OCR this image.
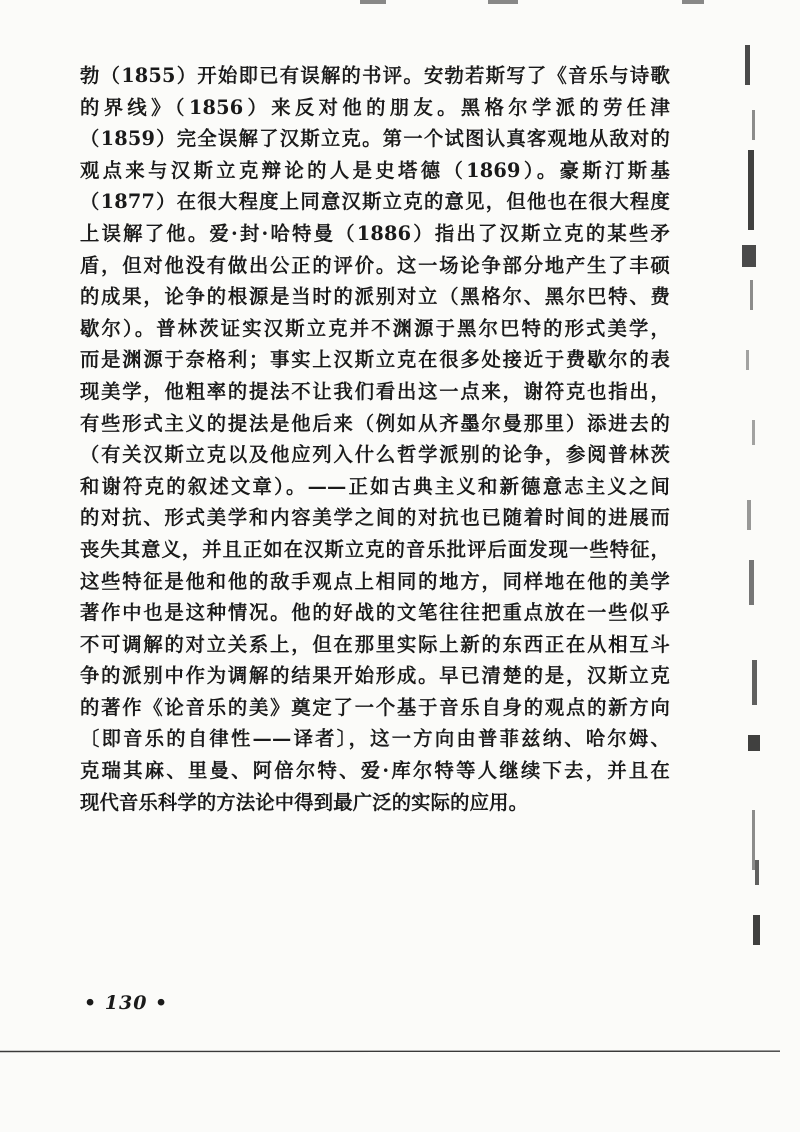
勃（1855）开始即已有误解的书评。安勃若斯写了《音乐与诗歌
的界线》（1856）来反对他的朋友。黑格尔学派的劳任津
（1859）完全误解了汉斯立克。第一个试图认真客观地从敌对的
观点来与汉斯立克辩论的人是史塔德（1869）。豪斯汀斯基
（1877）在很大程度上同意汉斯立克的意见，但他也在很大程度
上误解了他。爱·封·哈特曼（1886）指出了汉斯立克的某些矛
盾，但对他没有做出公正的评价。这一场论争部分地产生了丰硕
的成果，论争的根源是当时的派别对立（黑格尔、黑尔巴特、费
歇尔）。普林茨证实汉斯立克并不渊源于黑尔巴特的形式美学，
而是渊源于奈格利；事实上汉斯立克在很多处接近于费歇尔的表
现美学，他粗率的提法不让我们看出这一点来，谢符克也指出，
有些形式主义的提法是他后来（例如从齐墨尔曼那里）添进去的
（有关汉斯立克以及他应列入什么哲学派别的论争，参阅普林茨
和谢符克的叙述文章）。——正如古典主义和新德意志主义之间
的对抗、形式美学和内容美学之间的对抗也已随着时间的进展而
丧失其意义，并且正如在汉斯立克的音乐批评后面发现一些特征，
这些特征是他和他的敌手观点上相同的地方，同样地在他的美学
著作中也是这种情况。他的好战的文笔往往把重点放在一些似乎
不可调解的对立关系上，但在那里实际上新的东西正在从相互斗
争的派别中作为调解的结果开始形成。早已清楚的是，汉斯立克
的著作《论音乐的美》奠定了一个基于音乐自身的观点的新方向
〔即音乐的自律性——译者〕，这一方向由普菲兹纳、哈尔姆、
克瑞其麻、里曼、阿倍尔特、爱·库尔特等人继续下去，并且在
现代音乐科学的方法论中得到最广泛的实际的应用。
• 130 •
